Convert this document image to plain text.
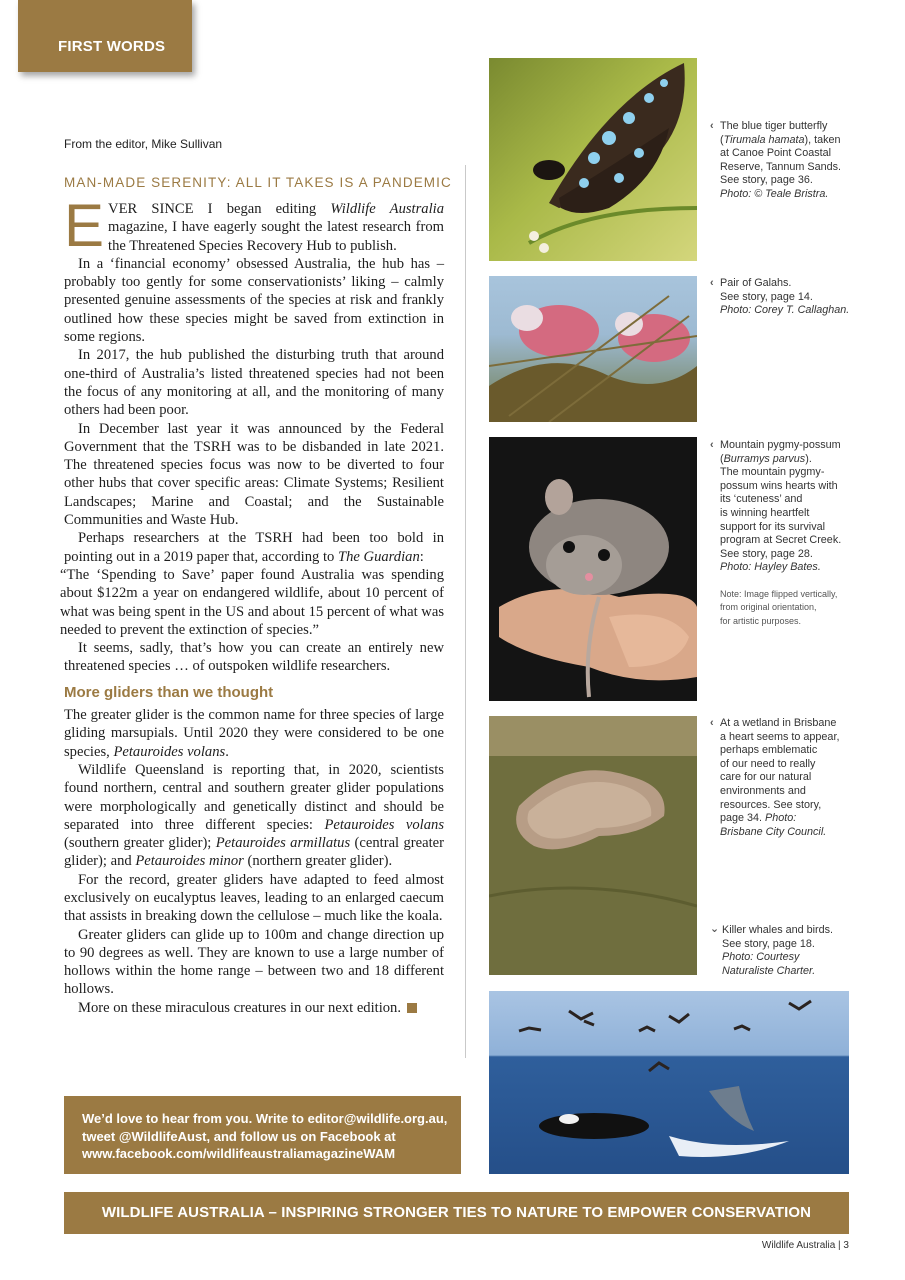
FIRST WORDS
From the editor, Mike Sullivan
MAN-MADE SERENITY: ALL IT TAKES IS A PANDEMIC

EVER SINCE I began editing Wildlife Australia magazine, I have eagerly sought the latest research from the Threatened Species Recovery Hub to publish.

In a ‘financial economy’ obsessed Australia, the hub has – probably too gently for some conservationists’ liking – calmly presented genuine assessments of the species at risk and frankly outlined how these species might be saved from extinction in some regions.

In 2017, the hub published the disturbing truth that around one-third of Australia’s listed threatened species had not been the focus of any monitoring at all, and the monitoring of many others had been poor.

In December last year it was announced by the Federal Government that the TSRH was to be disbanded in late 2021. The threatened species focus was now to be diverted to four other hubs that cover specific areas: Climate Systems; Resilient Landscapes; Marine and Coastal; and the Sustainable Communities and Waste Hub.

Perhaps researchers at the TSRH had been too bold in pointing out in a 2019 paper that, according to The Guardian:

“The ‘Spending to Save’ paper found Australia was spending about $122m a year on endangered wildlife, about 10 percent of what was being spent in the US and about 15 percent of what was needed to prevent the extinction of species.”

It seems, sadly, that’s how you can create an entirely new threatened species … of outspoken wildlife researchers.

More gliders than we thought

The greater glider is the common name for three species of large gliding marsupials. Until 2020 they were considered to be one species, Petauroides volans.

Wildlife Queensland is reporting that, in 2020, scientists found northern, central and southern greater glider populations were morphologically and genetically distinct and should be separated into three different species: Petauroides volans (southern greater glider); Petauroides armillatus (central greater glider); and Petauroides minor (northern greater glider).

For the record, greater gliders have adapted to feed almost exclusively on eucalyptus leaves, leading to an enlarged caecum that assists in breaking down the cellulose – much like the koala.

Greater gliders can glide up to 100m and change direction up to 90 degrees as well. They are known to use a large number of hollows within the home range – between two and 18 different hollows.

More on these miraculous creatures in our next edition.

‹ The blue tiger butterfly
(Tirumala hamata), taken
at Canoe Point Coastal
Reserve, Tannum Sands.
See story, page 36.
Photo: © Teale Bristra.
‹ Pair of Galahs.
See story, page 14.
Photo: Corey T. Callaghan.
‹ Mountain pygmy-possum
(Burramys parvus).
The mountain pygmy-
possum wins hearts with
its ‘cuteness’ and
is winning heartfelt
support for its survival
program at Secret Creek.
See story, page 28.
Photo: Hayley Bates.
Note: Image flipped vertically,
from original orientation,
for artistic purposes.
‹ At a wetland in Brisbane
a heart seems to appear,
perhaps emblematic
of our need to really
care for our natural
environments and
resources. See story,
page 34. Photo:
Brisbane City Council.
⌄ Killer whales and birds.
See story, page 18.
Photo: Courtesy
Naturaliste Charter.
We’d love to hear from you. Write to editor@wildlife.org.au, tweet @WildlifeAust, and follow us on Facebook at www.facebook.com/wildlifeaustraliamagazineWAM
WILDLIFE AUSTRALIA – INSPIRING STRONGER TIES TO NATURE TO EMPOWER CONSERVATION
Wildlife Australia | 3
